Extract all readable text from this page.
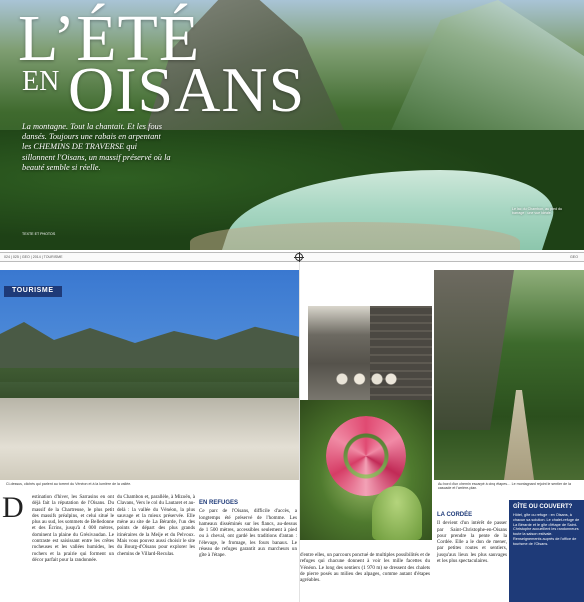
L’ÉTÉ
EN OISANS
La montagne. Tout la chantait. Et les fous dansés. Toujours une rabais en arpentant les CHEMINS DE TRAVERSE qui sillonnent l'Oisans, un massif préservé où la beauté semble si réelle.
Le lac du Chambon, au pied du barrage : une vue idéale.
TEXTE ET PHOTOS
024 | 025 | GEO | 2014 | TOURISME	GEO
TOURISME
Ci-dessus, clichés qui parlent au torrent du Vénéon et à la lumière de la vallée.	Au bord d'un chemin escarpé à cinq étapes… Le montagnard rejoint le sentier de la cascade et l'arrière-plan.
D estination d'hiver, les Sarrasins en ont déjà fait la réputation de l'Oisans. Du massif de la Chartreuse, le plus petit des massifs préalpins, et celui situé le plus au sud, les sommets de Belledonne et des Écrins, jusqu'à 4 000 mètres, dominent la plaine du Grésivaudan. Le contraste est saisissant entre les crêtes rocheuses et les vallées humides, les rochers et la prairie qui forment un décor parfait pour la randonnée.
du Chambon et, parallèle, à Mizoën, à Clavans, Vers le col du Lautaret et au-delà : la vallée du Vénéon, la plus sauvage et la mieux préservée. Elle mène au site de La Bérarde, l'un des points de départ des plus grands itinéraires de la Meije et du Pelvoux. Mais vous pouvez aussi choisir le site du Bourg-d'Oisans pour explorer les chemins de Villard-Reculas.
EN REFUGES
Ce parc de l'Oisans, difficile d'accès, a longtemps été préservé de l'homme. Les hameaux disséminés sur les flancs, au-dessus de 1 500 mètres, accessibles seulement à pied ou à cheval, ont gardé les traditions d'antan : l'élevage, le fromage, les fours banaux. Le réseau de refuges garantit aux marcheurs un gîte à l'étape.	d'entre elles, un parcours ponctué de multiples possibilités et de refuges qui chacune donnent à voir les mille facettes du Vénéon. Le long des sentiers (1 970 m) se dressent des chalets de pierre posés au milieu des alpages, comme autant d'étapes agréables.
LA CORDÉE
Il devient d'un intérêt de passer par Saint-Christophe-en-Oisans pour prendre la pente de la Cordée. Elle a le don de mener, par petites routes et sentiers, jusqu'aux lieux les plus sauvages et les plus spectaculaires.
GÎTE OU COUVERT?
Hôtel, gîte ou refuge : en Oisans, à chacun sa solution. Le chalet-refuge de La Bérarde et le gîte d'étape de Saint-Christophe accueillent les randonneurs toute la saison estivale. Renseignements auprès de l'office de tourisme de l'Oisans.
